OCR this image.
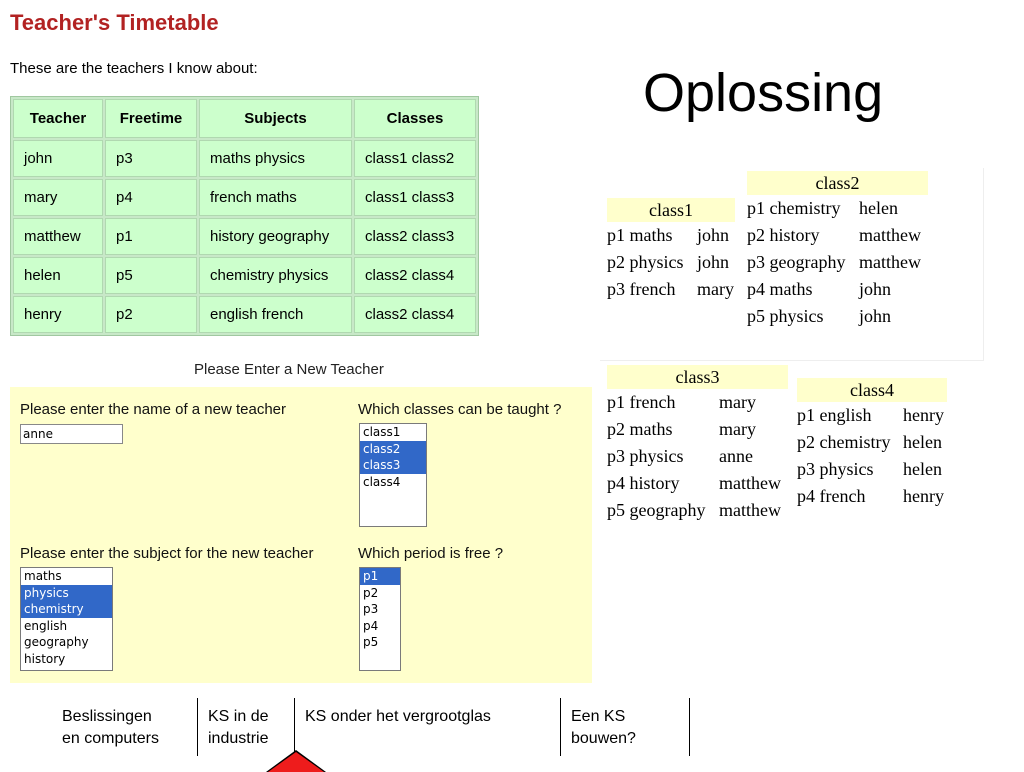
Teacher's Timetable
These are the teachers I know about:
Teacher	Freetime	Subjects	Classes
john	p3	maths physics	class1 class2
mary	p4	french maths	class1 class3
matthew	p1	history geography	class2 class3
helen	p5	chemistry physics	class2 class4
henry	p2	english french	class2 class4
Please Enter a New Teacher
Please enter the name of a new teacher
anne	Which classes can be taught ?
class1
class2
class3
class4
Please enter the subject for the new teacher
maths
physics
chemistry
english
geography
history
Which period is free ?
p1
p2
p3
p4
p5
Oplossing
class1
p1 maths	john
p2 physics john
p3 french	mary
class2
p1 chemistry	helen
p2 history	matthew
p3 geography matthew
p4 maths	john
p5 physics	john
class3
p1 french	mary
p2 maths	mary
p3 physics	anne
p4 history	matthew
p5 geography matthew
class4
p1 english	henry
p2 chemistry helen
p3 physics	helen
p4 french	henry
Beslissingen
en computers
KS in de
industrie
KS onder het vergrootglas	Een KS
bouwen?
